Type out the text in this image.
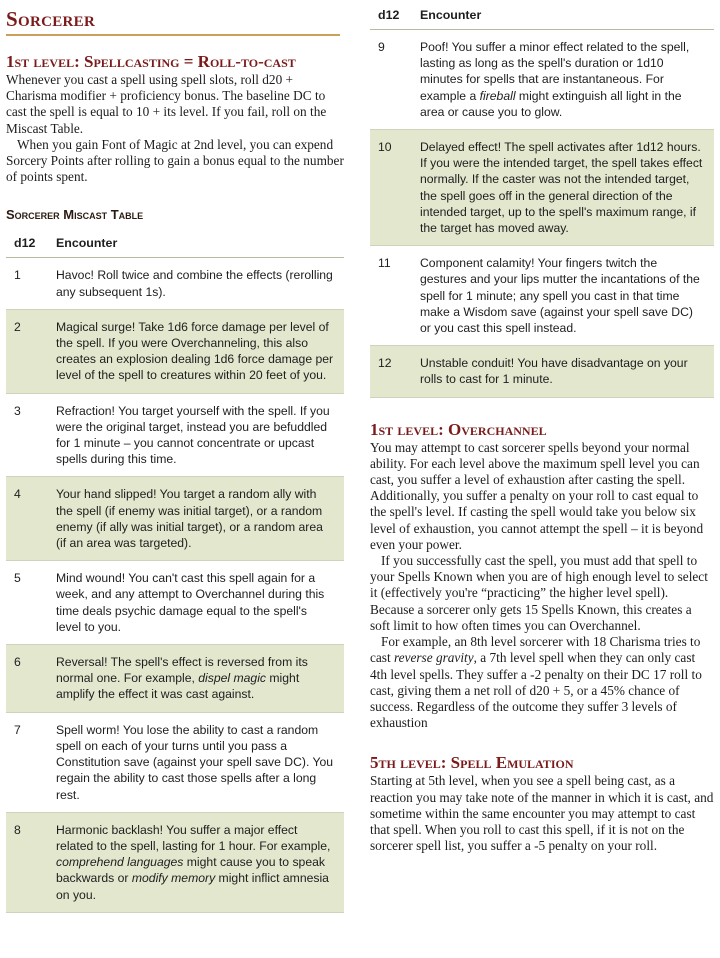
Sorcerer
1st level: Spellcasting = Roll-to-cast

Whenever you cast a spell using spell slots, roll d20 + Charisma modifier + proficiency bonus. The baseline DC to cast the spell is equal to 10 + its level. If you fail, roll on the Miscast Table.

When you gain Font of Magic at 2nd level, you can expend Sorcery Points after rolling to gain a bonus equal to the number of points spent.

Sorcerer Miscast Table
d12	Encounter
1	Havoc! Roll twice and combine the effects (rerolling any subsequent 1s).
2	Magical surge! Take 1d6 force damage per level of the spell. If you were Overchanneling, this also creates an explosion dealing 1d6 force damage per level of the spell to creatures within 20 feet of you.
3	Refraction! You target yourself with the spell. If you were the original target, instead you are befuddled for 1 minute – you cannot concentrate or upcast spells during this time.
4	Your hand slipped! You target a random ally with the spell (if enemy was initial target), or a random enemy (if ally was initial target), or a random area (if an area was targeted).
5	Mind wound! You can't cast this spell again for a week, and any attempt to Overchannel during this time deals psychic damage equal to the spell's level to you.
6	Reversal! The spell's effect is reversed from its normal one. For example, dispel magic might amplify the effect it was cast against.
7	Spell worm! You lose the ability to cast a random spell on each of your turns until you pass a Constitution save (against your spell save DC). You regain the ability to cast those spells after a long rest.
8	Harmonic backlash! You suffer a major effect related to the spell, lasting for 1 hour. For example, comprehend languages might cause you to speak backwards or modify memory might inflict amnesia on you.
d12	Encounter
9	Poof! You suffer a minor effect related to the spell, lasting as long as the spell's duration or 1d10 minutes for spells that are instantaneous. For example a fireball might extinguish all light in the area or cause you to glow.
10	Delayed effect! The spell activates after 1d12 hours. If you were the intended target, the spell takes effect normally. If the caster was not the intended target, the spell goes off in the general direction of the intended target, up to the spell's maximum range, if the target has moved away.
11	Component calamity! Your fingers twitch the gestures and your lips mutter the incantations of the spell for 1 minute; any spell you cast in that time make a Wisdom save (against your spell save DC) or you cast this spell instead.
12	Unstable conduit! You have disadvantage on your rolls to cast for 1 minute.
1st level: Overchannel

You may attempt to cast sorcerer spells beyond your normal ability. For each level above the maximum spell level you can cast, you suffer a level of exhaustion after casting the spell. Additionally, you suffer a penalty on your roll to cast equal to the spell's level. If casting the spell would take you below six level of exhaustion, you cannot attempt the spell – it is beyond even your power.

If you successfully cast the spell, you must add that spell to your Spells Known when you are of high enough level to select it (effectively you're “practicing” the higher level spell). Because a sorcerer only gets 15 Spells Known, this creates a soft limit to how often times you can Overchannel.

For example, an 8th level sorcerer with 18 Charisma tries to cast reverse gravity, a 7th level spell when they can only cast 4th level spells. They suffer a -2 penalty on their DC 17 roll to cast, giving them a net roll of d20 + 5, or a 45% chance of success. Regardless of the outcome they suffer 3 levels of exhaustion

5th level: Spell Emulation

Starting at 5th level, when you see a spell being cast, as a reaction you may take note of the manner in which it is cast, and sometime within the same encounter you may attempt to cast that spell. When you roll to cast this spell, if it is not on the sorcerer spell list, you suffer a -5 penalty on your roll.
